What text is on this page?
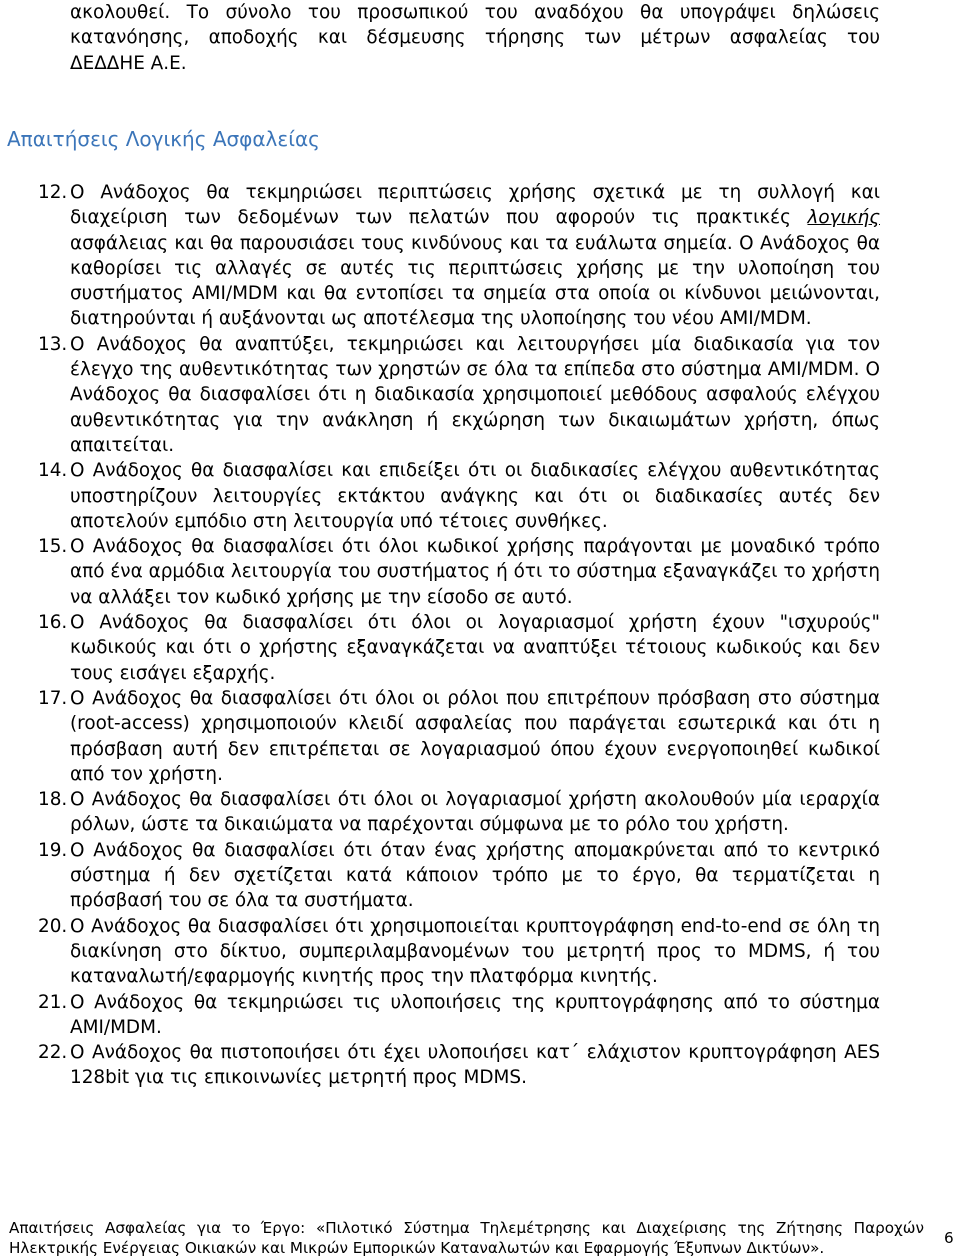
ακολουθεί. Το σύνολο του προσωπικού του αναδόχου θα υπογράψει δηλώσεις
κατανόησης, αποδοχής και δέσμευσης τήρησης των μέτρων ασφαλείας του
ΔΕΔΔΗΕ Α.Ε.
Απαιτήσεις Λογικής Ασφαλείας
12. Ο Ανάδοχος θα τεκμηριώσει περιπτώσεις χρήσης σχετικά με τη συλλογή και διαχείριση των δεδομένων των πελατών που αφορούν τις πρακτικές λογικής ασφάλειας και θα παρουσιάσει τους κινδύνους και τα ευάλωτα σημεία. Ο Ανάδοχος θα καθορίσει τις αλλαγές σε αυτές τις περιπτώσεις χρήσης με την υλοποίηση του συστήματος AMI/MDM και θα εντοπίσει τα σημεία στα οποία οι κίνδυνοι μειώνονται, διατηρούνται ή αυξάνονται ως αποτέλεσμα της υλοποίησης του νέου AMI/MDM.
13. Ο Ανάδοχος θα αναπτύξει, τεκμηριώσει και λειτουργήσει μία διαδικασία για τον έλεγχο της αυθεντικότητας των χρηστών σε όλα τα επίπεδα στο σύστημα AMI/MDM. Ο Ανάδοχος θα διασφαλίσει ότι η διαδικασία χρησιμοποιεί μεθόδους ασφαλούς ελέγχου αυθεντικότητας για την ανάκληση ή εκχώρηση των δικαιωμάτων χρήστη, όπως απαιτείται.
14. Ο Ανάδοχος θα διασφαλίσει και επιδείξει ότι οι διαδικασίες ελέγχου αυθεντικότητας υποστηρίζουν λειτουργίες εκτάκτου ανάγκης και ότι οι διαδικασίες αυτές δεν αποτελούν εμπόδιο στη λειτουργία υπό τέτοιες συνθήκες.
15. Ο Ανάδοχος θα διασφαλίσει ότι όλοι κωδικοί χρήσης παράγονται με μοναδικό τρόπο από ένα αρμόδια λειτουργία του συστήματος ή ότι το σύστημα εξαναγκάζει το χρήστη να αλλάξει τον κωδικό χρήσης με την είσοδο σε αυτό.
16. Ο Ανάδοχος θα διασφαλίσει ότι όλοι οι λογαριασμοί χρήστη έχουν "ισχυρούς" κωδικούς και ότι ο χρήστης εξαναγκάζεται να αναπτύξει τέτοιους κωδικούς και δεν τους εισάγει εξαρχής.
17. Ο Ανάδοχος θα διασφαλίσει ότι όλοι οι ρόλοι που επιτρέπουν πρόσβαση στο σύστημα (root-access) χρησιμοποιούν κλειδί ασφαλείας που παράγεται εσωτερικά και ότι η πρόσβαση αυτή δεν επιτρέπεται σε λογαριασμού όπου έχουν ενεργοποιηθεί κωδικοί από τον χρήστη.
18. Ο Ανάδοχος θα διασφαλίσει ότι όλοι οι λογαριασμοί χρήστη ακολουθούν μία ιεραρχία ρόλων, ώστε τα δικαιώματα να παρέχονται σύμφωνα με το ρόλο του χρήστη.
19. Ο Ανάδοχος θα διασφαλίσει ότι όταν ένας χρήστης απομακρύνεται από το κεντρικό σύστημα ή δεν σχετίζεται κατά κάποιον τρόπο με το έργο, θα τερματίζεται η πρόσβασή του σε όλα τα συστήματα.
20. Ο Ανάδοχος θα διασφαλίσει ότι χρησιμοποιείται κρυπτογράφηση end-to-end σε όλη τη διακίνηση στο δίκτυο, συμπεριλαμβανομένων του μετρητή προς το MDMS, ή του καταναλωτή/εφαρμογής κινητής προς την πλατφόρμα κινητής.
21. Ο Ανάδοχος θα τεκμηριώσει τις υλοποιήσεις της κρυπτογράφησης από το σύστημα AMI/MDM.
22. Ο Ανάδοχος θα πιστοποιήσει ότι έχει υλοποιήσει κατ΄ ελάχιστον κρυπτογράφηση AES 128bit για τις επικοινωνίες μετρητή προς MDMS.
Απαιτήσεις Ασφαλείας για το Έργο: «Πιλοτικό Σύστημα Τηλεμέτρησης και Διαχείρισης της Ζήτησης Παροχών Ηλεκτρικής Ενέργειας Οικιακών και Μικρών Εμπορικών Καταναλωτών και Εφαρμογής Έξυπνων Δικτύων».
6
